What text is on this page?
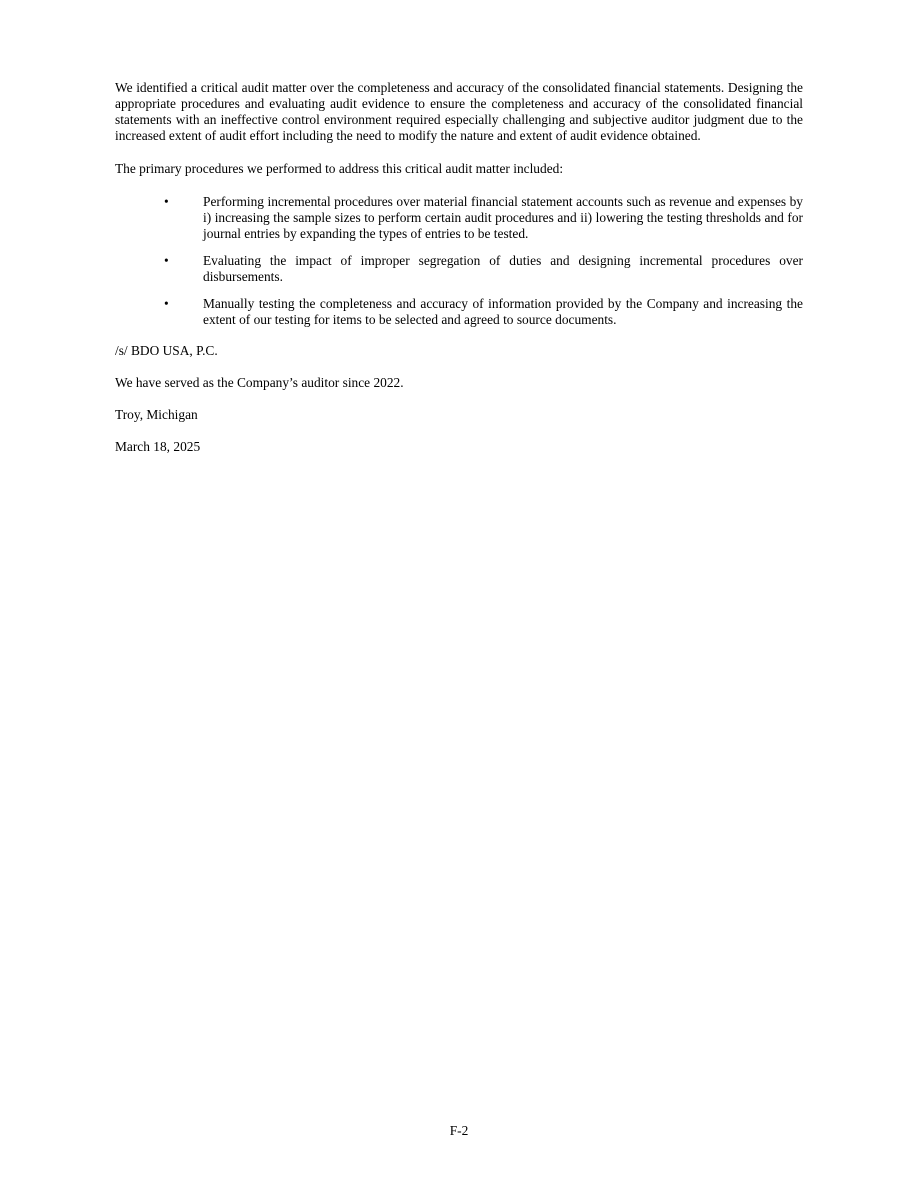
We identified a critical audit matter over the completeness and accuracy of the consolidated financial statements. Designing the appropriate procedures and evaluating audit evidence to ensure the completeness and accuracy of the consolidated financial statements with an ineffective control environment required especially challenging and subjective auditor judgment due to the increased extent of audit effort including the need to modify the nature and extent of audit evidence obtained.

The primary procedures we performed to address this critical audit matter included:

•	Performing incremental procedures over material financial statement accounts such as revenue and expenses by i) increasing the sample sizes to perform certain audit procedures and ii) lowering the testing thresholds and for journal entries by expanding the types of entries to be tested.
•	Evaluating the impact of improper segregation of duties and designing incremental procedures over disbursements.
•	Manually testing the completeness and accuracy of information provided by the Company and increasing the extent of our testing for items to be selected and agreed to source documents.

/s/ BDO USA, P.C.

We have served as the Company’s auditor since 2022.

Troy, Michigan

March 18, 2025

F-2
